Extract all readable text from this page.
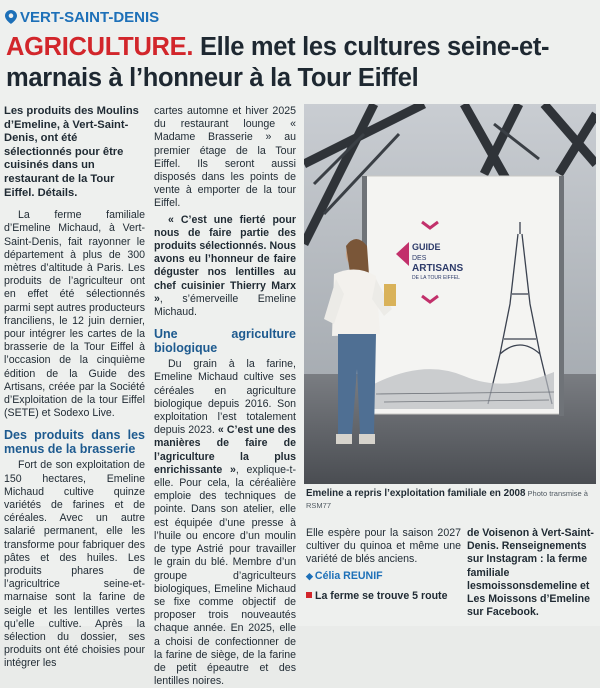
VERT-SAINT-DENIS
AGRICULTURE. Elle met les cultures seine-et-marnais à l’honneur à la Tour Eiffel

Les produits des Moulins d’Emeline, à Vert-Saint-Denis, ont été sélectionnés pour être cuisinés dans un restaurant de la Tour Eiffel. Détails.

La ferme familiale d’Emeline Michaud, à Vert-Saint-Denis, fait rayonner le département à plus de 300 mètres d’altitude à Paris. Les produits de l’agriculteur ont en effet été sélectionnés parmi sept autres producteurs franciliens, le 12 juin dernier, pour intégrer les cartes de la brasserie de la Tour Eiffel à l’occasion de la cinquième édition de la Guide des Artisans, créée par la Société d’Exploitation de la tour Eiffel (SETE) et Sodexo Live.

Des produits dans les menus de la brasserie

Fort de son exploitation de 150 hectares, Emeline Michaud cultive quinze variétés de farines et de céréales. Avec un autre salarié permanent, elle les transforme pour fabriquer des pâtes et des huiles. Les produits phares de l’agricultrice seine-et-marnaise sont la farine de seigle et les lentilles vertes qu’elle cultive. Après la sélection du dossier, ses produits ont été choisies pour intégrer les

cartes automne et hiver 2025 du restaurant lounge « Madame Brasserie » au premier étage de la Tour Eiffel. Ils seront aussi disposés dans les points de vente à emporter de la tour Eiffel.

« C’est une fierté pour nous de faire partie des produits sélectionnés. Nous avons eu l’honneur de faire déguster nos lentilles au chef cuisinier Thierry Marx », s’émerveille Emeline Michaud.

Une agriculture biologique

Du grain à la farine, Emeline Michaud cultive ses céréales en agriculture biologique depuis 2016. Son exploitation l’est totalement depuis 2023. « C’est une des manières de faire de l’agriculture la plus enrichissante », explique-t-elle. Pour cela, la céréalière emploie des techniques de pointe. Dans son atelier, elle est équipée d’une presse à l’huile ou encore d’un moulin de type Astrié pour travailler le grain du blé. Membre d’un groupe d’agriculteurs biologiques, Emeline Michaud se fixe comme objectif de proposer trois nouveautés chaque année. En 2025, elle a choisi de confectionner de la farine de siège, de la farine de petit épeautre et des lentilles noires.

GUIDE
DES
ARTISANS
DE LA TOUR EIFFEL
Emeline a repris l’exploitation familiale en 2008 Photo transmise à RSM77

Elle espère pour la saison 2027 cultiver du quinoa et même une variété de blés anciens.

◆ Célia REUNIF

La ferme se trouve 5 route

de Voisenon à Vert-Saint-Denis. Renseignements sur Instagram : la ferme familiale lesmoissonsdemeline et Les Moissons d’Emeline sur Facebook.
